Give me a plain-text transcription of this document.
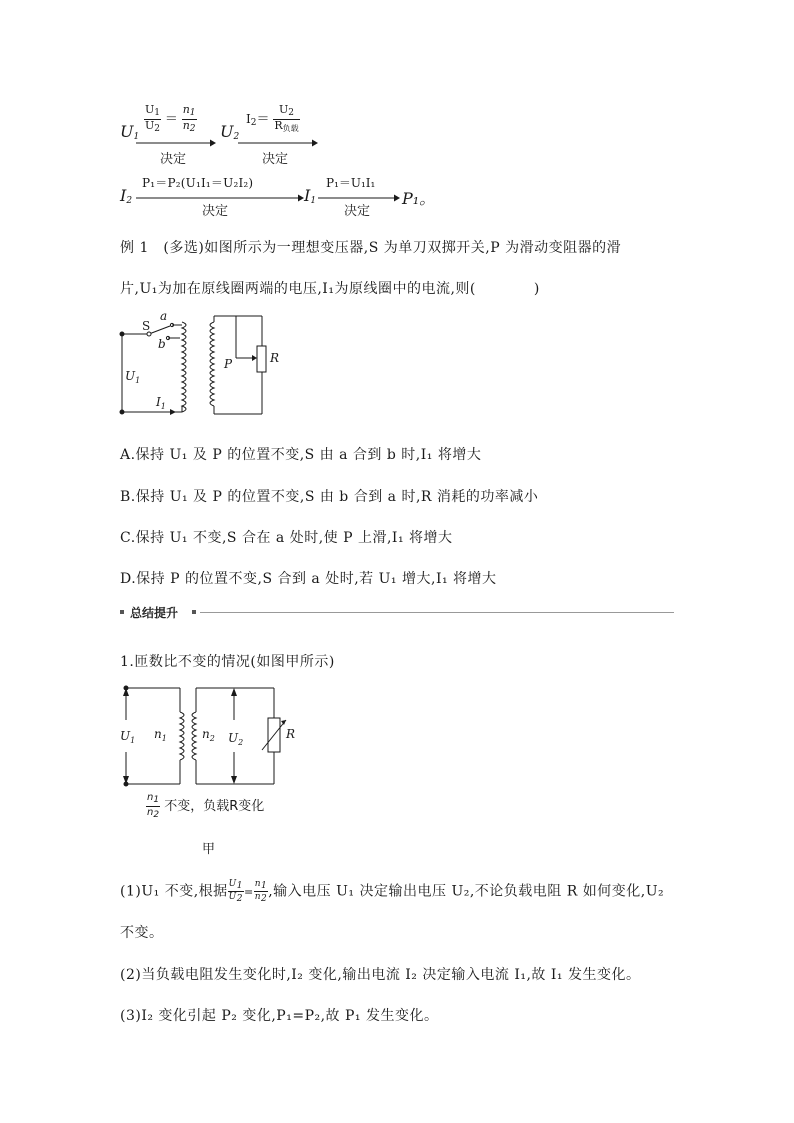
$U_1$
$\frac{U_1}{U_2} = \frac{n_1}{n_2}$
决定
$U_2$
$I_2= \frac{U_2}{R_{负载}}$
决定
$I_2$
P₁＝P₂(U₁I₁＝U₂I₂)
决定
$I_1$
P₁＝U₁I₁
决定
P₁。
例 1　(多选)如图所示为一理想变压器,S 为单刀双掷开关,P 为滑动变阻器的滑
片,U₁为加在原线圈两端的电压,I₁为原线圈中的电流,则(　　　　)
S
a
b
$U_1$
$I_1$
P	R
A.保持 U₁ 及 P 的位置不变,S 由 a 合到 b 时,I₁ 将增大
B.保持 U₁ 及 P 的位置不变,S 由 b 合到 a 时,R 消耗的功率减小
C.保持 U₁ 不变,S 合在 a 处时,使 P 上滑,I₁ 将增大
D.保持 P 的位置不变,S 合到 a 处时,若 U₁ 增大,I₁ 将增大
总结提升
1.匝数比不变的情况(如图甲所示)
$U_1$ $n_1$	$n_2$ $U_2$
R
$\frac{n_1}{n_2}$ 不变，负载R变化
甲
(1)U₁ 不变,根据 $\frac{U_1}{U_2} = \frac{n_1}{n_2}$ ,输入电压 U₁ 决定输出电压 U₂,不论负载电阻 R 如何变化,U₂
不变。
(2)当负载电阻发生变化时,I₂ 变化,输出电流 I₂ 决定输入电流 I₁,故 I₁ 发生变化。
(3)I₂ 变化引起 P₂ 变化,P₁=P₂,故 P₁ 发生变化。
